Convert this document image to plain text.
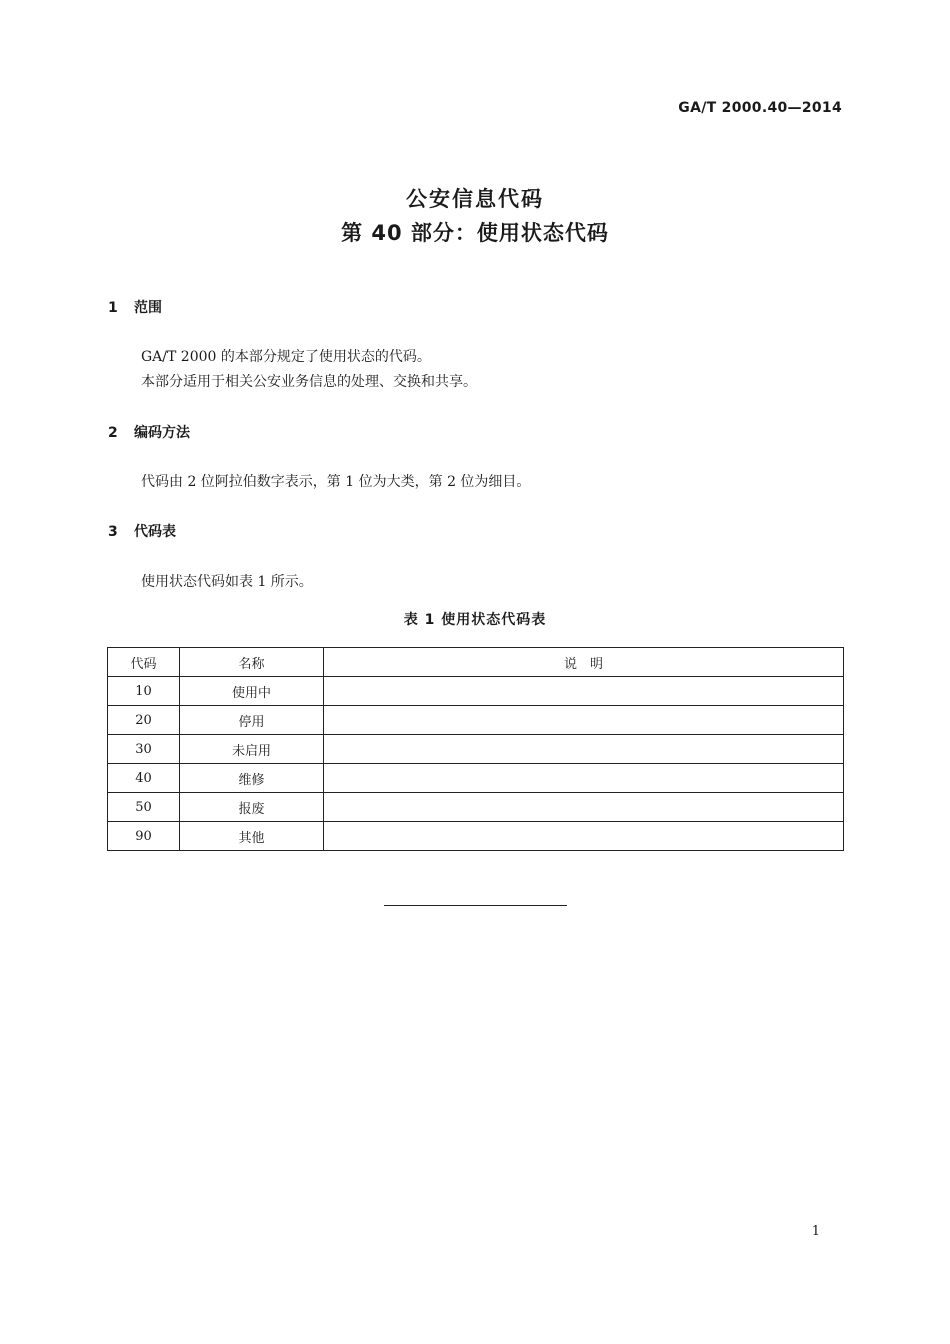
GA/T 2000.40—2014
公安信息代码
第 40 部分：使用状态代码
1 范围
GA/T 2000 的本部分规定了使用状态的代码。
本部分适用于相关公安业务信息的处理、交换和共享。
2 编码方法
代码由 2 位阿拉伯数字表示，第 1 位为大类，第 2 位为细目。
3 代码表
使用状态代码如表 1 所示。
表 1 使用状态代码表
代码	名称	说　明
10	使用中	
20	停用	
30	未启用	
40	维修	
50	报废	
90	其他	
1
